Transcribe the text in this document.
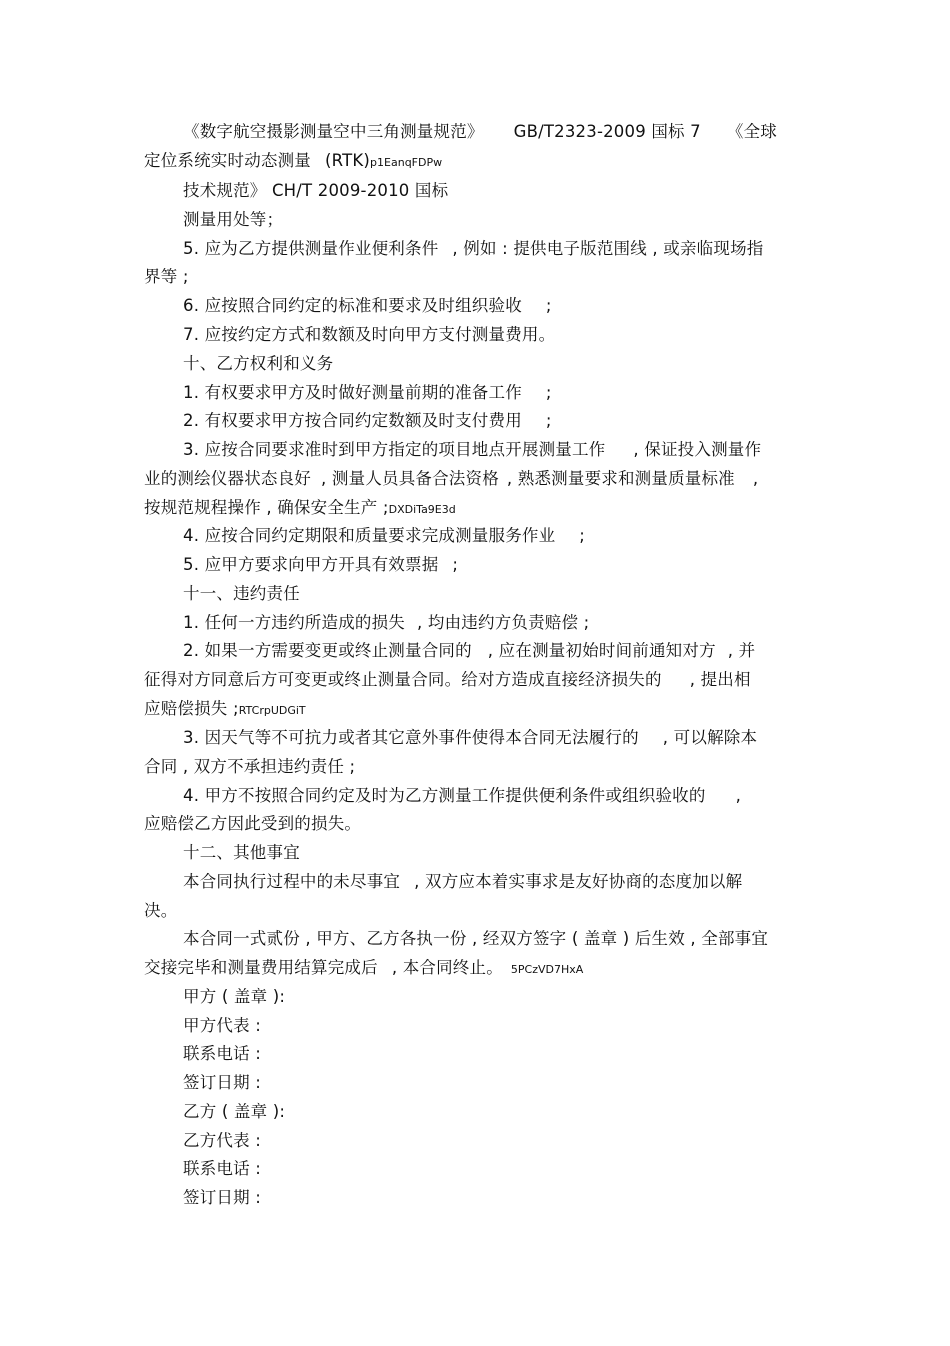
《数字航空摄影测量空中三角测量规范》 GB/T2323-2009 国标 7 《全球
定位系统实时动态测量 (RTK)p1EanqFDPw
技术规范》 CH/T 2009-2010 国标
测量用处等；
5. 应为乙方提供测量作业便利条件 , 例如 : 提供电子版范围线 , 或亲临现场指
界等 ;
6. 应按照合同约定的标准和要求及时组织验收 ;
7. 应按约定方式和数额及时向甲方支付测量费用。
十、乙方权利和义务
1. 有权要求甲方及时做好测量前期的准备工作 ;
2. 有权要求甲方按合同约定数额及时支付费用 ;
3. 应按合同要求准时到甲方指定的项目地点开展测量工作 , 保证投入测量作
业的测绘仪器状态良好 , 测量人员具备合法资格 , 熟悉测量要求和测量质量标准 ,
按规范规程操作 , 确保安全生产 ;DXDiTa9E3d
4. 应按合同约定期限和质量要求完成测量服务作业 ;
5. 应甲方要求向甲方开具有效票据 ;
十一、违约责任
1. 任何一方违约所造成的损失 , 均由违约方负责赔偿 ;
2. 如果一方需要变更或终止测量合同的 , 应在测量初始时间前通知对方 , 并
征得对方同意后方可变更或终止测量合同。给对方造成直接经济损失的 , 提出相
应赔偿损失 ;RTCrpUDGiT
3. 因天气等不可抗力或者其它意外事件使得本合同无法履行的 , 可以解除本
合同 , 双方不承担违约责任 ;
4. 甲方不按照合同约定及时为乙方测量工作提供便利条件或组织验收的 ,
应赔偿乙方因此受到的损失。
十二、其他事宜
本合同执行过程中的未尽事宜 , 双方应本着实事求是友好协商的态度加以解
决。
本合同一式贰份 , 甲方、乙方各执一份 , 经双方签字 ( 盖章 ) 后生效 , 全部事宜
交接完毕和测量费用结算完成后 , 本合同终止。 5PCzVD7HxA
甲方 ( 盖章 ):
甲方代表 :
联系电话 :
签订日期 :
乙方 ( 盖章 ):
乙方代表 :
联系电话 :
签订日期 :
